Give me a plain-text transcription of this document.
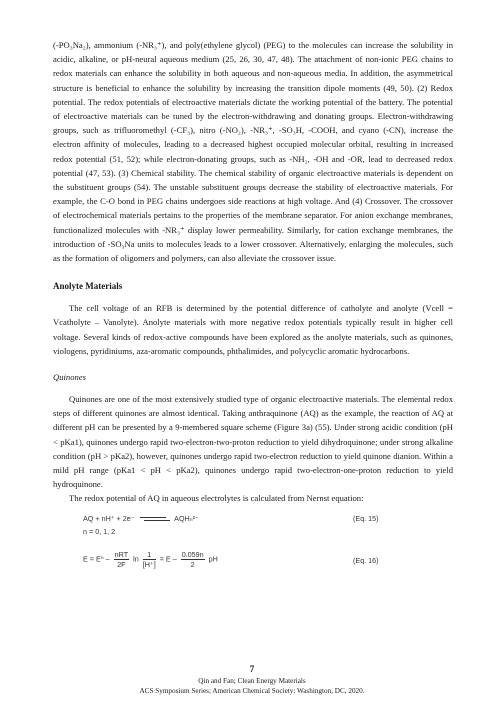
(-PO₃Na₂), ammonium (-NR₃⁺), and poly(ethylene glycol) (PEG) to the molecules can increase the solubility in acidic, alkaline, or pH-neural aqueous medium (25, 26, 30, 47, 48). The attachment of non-ionic PEG chains to redox materials can enhance the solubility in both aqueous and non-aqueous media. In addition, the asymmetrical structure is beneficial to enhance the solubility by increasing the transition dipole moments (49, 50). (2) Redox potential. The redox potentials of electroactive materials dictate the working potential of the battery. The potential of electroactive materials can be tuned by the electron-withdrawing and donating groups. Electron-withdrawing groups, such as trifluoromethyl (-CF₃), nitro (-NO₂), -NR₃⁺, -SO₃H, -COOH, and cyano (-CN), increase the electron affinity of molecules, leading to a decreased highest occupied molecular orbital, resulting in increased redox potential (51, 52); while electron-donating groups, such as -NH₂, -OH and -OR, lead to decreased redox potential (47, 53). (3) Chemical stability. The chemical stability of organic electroactive materials is dependent on the substituent groups (54). The unstable substituent groups decrease the stability of electroactive materials. For example, the C-O bond in PEG chains undergoes side reactions at high voltage. And (4) Crossover. The crossover of electrochemical materials pertains to the properties of the membrane separator. For anion exchange membranes, functionalized molecules with -NR₃⁺ display lower permeability. Similarly, for cation exchange membranes, the introduction of -SO₃Na units to molecules leads to a lower crossover. Alternatively, enlarging the molecules, such as the formation of oligomers and polymers, can also alleviate the crossover issue.

Anolyte Materials

The cell voltage of an RFB is determined by the potential difference of catholyte and anolyte (Vcell = Vcatholyte – Vanolyte). Anolyte materials with more negative redox potentials typically result in higher cell voltage. Several kinds of redox-active compounds have been explored as the anolyte materials, such as quinones, viologens, pyridiniums, aza-aromatic compounds, phthalimides, and polycyclic aromatic hydrocarbons.

Quinones

Quinones are one of the most extensively studied type of organic electroactive materials. The elemental redox steps of different quinones are almost identical. Taking anthraquinone (AQ) as the example, the reaction of AQ at different pH can be presented by a 9-membered square scheme (Figure 3a) (55). Under strong acidic condition (pH < pKa1), quinones undergo rapid two-electron-two-proton reduction to yield dihydroquinone; under strong alkaline condition (pH > pKa2), however, quinones undergo rapid two-electron reduction to yield quinone dianion. Within a mild pH range (pKa1 < pH < pKa2), quinones undergo rapid two-electron-one-proton reduction to yield hydroquinone.

The redox potential of AQ in aqueous electrolytes is calculated from Nernst equation:

AQ + nH⁺ + 2e⁻	AQHₙ²⁻	(Eq. 15)
n = 0, 1, 2
$E = E^0 - \frac{\text{nRT}}{2F}$ $\ln \frac{1}{[H^+]} = E - \frac{0.059n}{2}$ pH	(Eq. 16)
7
Qin and Fan; Clean Energy Materials
ACS Symposium Series; American Chemical Society: Washington, DC, 2020.
